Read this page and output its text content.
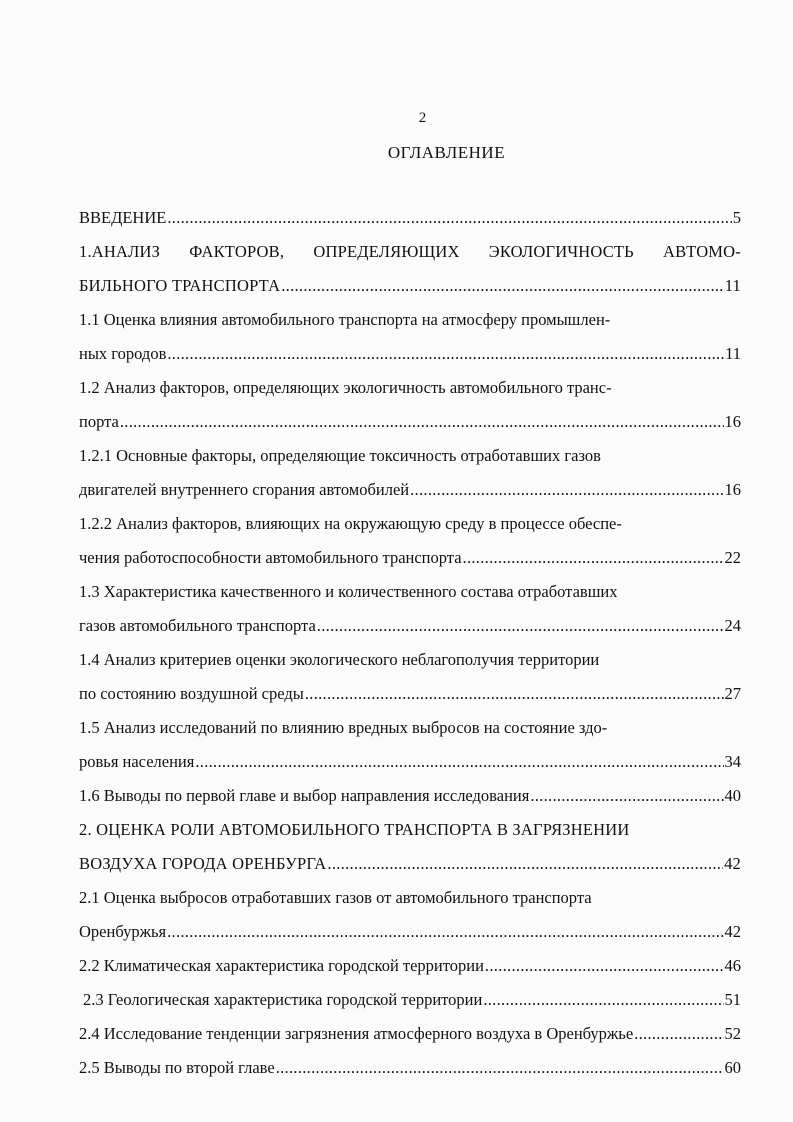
2
ОГЛАВЛЕНИЕ
ВВЕДЕНИЕ .....	5
1.АНАЛИЗ ФАКТОРОВ, ОПРЕДЕЛЯЮЩИХ ЭКОЛОГИЧНОСТЬ АВТОМО-
БИЛЬНОГО ТРАНСПОРТА .....	11
1.1 Оценка влияния автомобильного транспорта на атмосферу промышлен-
ных городов .....	11
1.2 Анализ факторов, определяющих экологичность автомобильного транс-
порта .....	16
1.2.1 Основные факторы, определяющие токсичность отработавших газов
двигателей внутреннего сгорания автомобилей .....	16
1.2.2 Анализ факторов, влияющих на окружающую среду в процессе обеспе-
чения работоспособности автомобильного транспорта .....	22
1.3 Характеристика качественного и количественного состава отработавших
газов автомобильного транспорта .....	24
1.4 Анализ критериев оценки экологического неблагополучия территории
по состоянию воздушной среды .....	27
1.5 Анализ исследований по влиянию вредных выбросов на состояние здо-
ровья населения .....	34
1.6 Выводы по первой главе и выбор направления исследования .....	40
2. ОЦЕНКА РОЛИ АВТОМОБИЛЬНОГО ТРАНСПОРТА В ЗАГРЯЗНЕНИИ
ВОЗДУХА ГОРОДА ОРЕНБУРГА .....	42
2.1 Оценка выбросов отработавших газов от автомобильного транспорта
Оренбуржья .....	42
2.2 Климатическая характеристика городской территории .....	46
2.3 Геологическая характеристика городской территории .....	51
2.4 Исследование тенденции загрязнения атмосферного воздуха в Оренбуржье .....	52
2.5 Выводы по второй главе .....	60
